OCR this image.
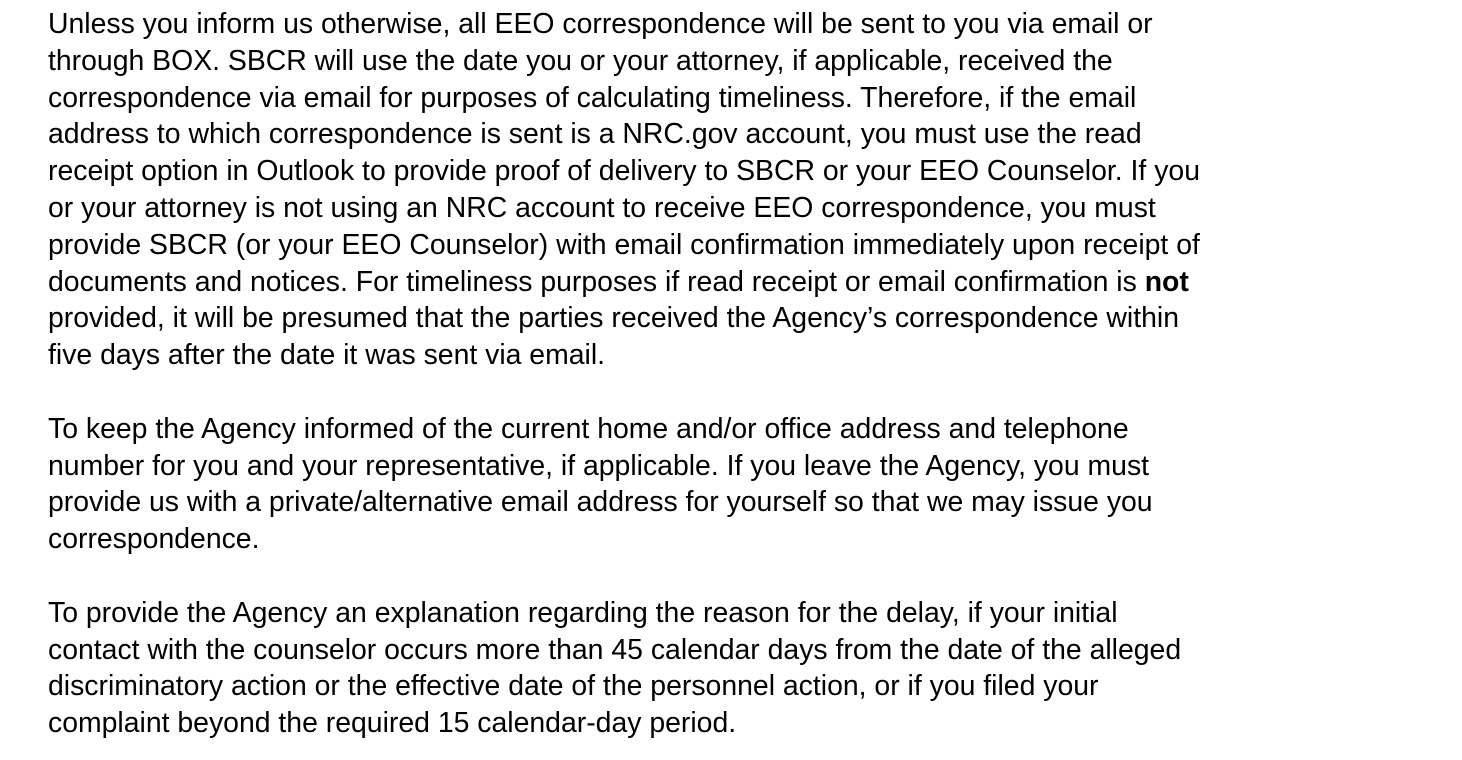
Unless you inform us otherwise, all EEO correspondence will be sent to you via email or
through BOX. SBCR will use the date you or your attorney, if applicable, received the
correspondence via email for purposes of calculating timeliness. Therefore, if the email
address to which correspondence is sent is a NRC.gov account, you must use the read
receipt option in Outlook to provide proof of delivery to SBCR or your EEO Counselor. If you
or your attorney is not using an NRC account to receive EEO correspondence, you must
provide SBCR (or your EEO Counselor) with email confirmation immediately upon receipt of
documents and notices. For timeliness purposes if read receipt or email confirmation is not
provided, it will be presumed that the parties received the Agency’s correspondence within
five days after the date it was sent via email.

To keep the Agency informed of the current home and/or office address and telephone
number for you and your representative, if applicable. If you leave the Agency, you must
provide us with a private/alternative email address for yourself so that we may issue you
correspondence.

To provide the Agency an explanation regarding the reason for the delay, if your initial
contact with the counselor occurs more than 45 calendar days from the date of the alleged
discriminatory action or the effective date of the personnel action, or if you filed your
complaint beyond the required 15 calendar-day period.
